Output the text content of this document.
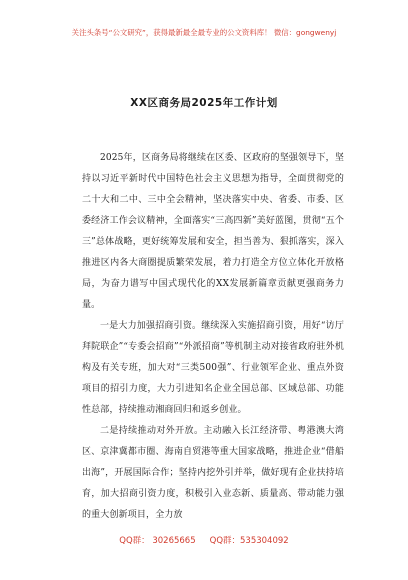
关注头条号“公文研究”，获得最新最全最专业的公文资料库！ 微信：gongwenyj
XX区商务局2025年工作计划

2025年，区商务局将继续在区委、区政府的坚强领导下，坚持以习近平新时代中国特色社会主义思想为指导，全面贯彻党的二十大和二中、三中全会精神，坚决落实中央、省委、市委、区委经济工作会议精神，全面落实“三高四新”美好蓝图，贯彻“五个三”总体战略，更好统筹发展和安全，担当善为、狠抓落实，深入推进区内各大商圈提质繁荣发展，着力打造全方位立体化开放格局，为奋力谱写中国式现代化的XX发展新篇章贡献更强商务力量。

一是大力加强招商引资。继续深入实施招商引资，用好“访厅拜院联企”“专委会招商”“外派招商”等机制主动对接省政府驻外机构及有关专班，加大对“三类500强”、行业领军企业、重点外资项目的招引力度，大力引进知名企业全国总部、区域总部、功能性总部，持续推动湘商回归和返乡创业。

二是持续推动对外开放。主动融入长江经济带、粤港澳大湾区、京津冀都市圈、海南自贸港等重大国家战略，推进企业“借船出海”，开展国际合作；坚持内挖外引并举，做好现有企业扶持培育，加大招商引资力度，积极引入业态新、质量高、带动能力强的重大创新项目，全力放

QQ群： 30265665 QQ群：535304092
